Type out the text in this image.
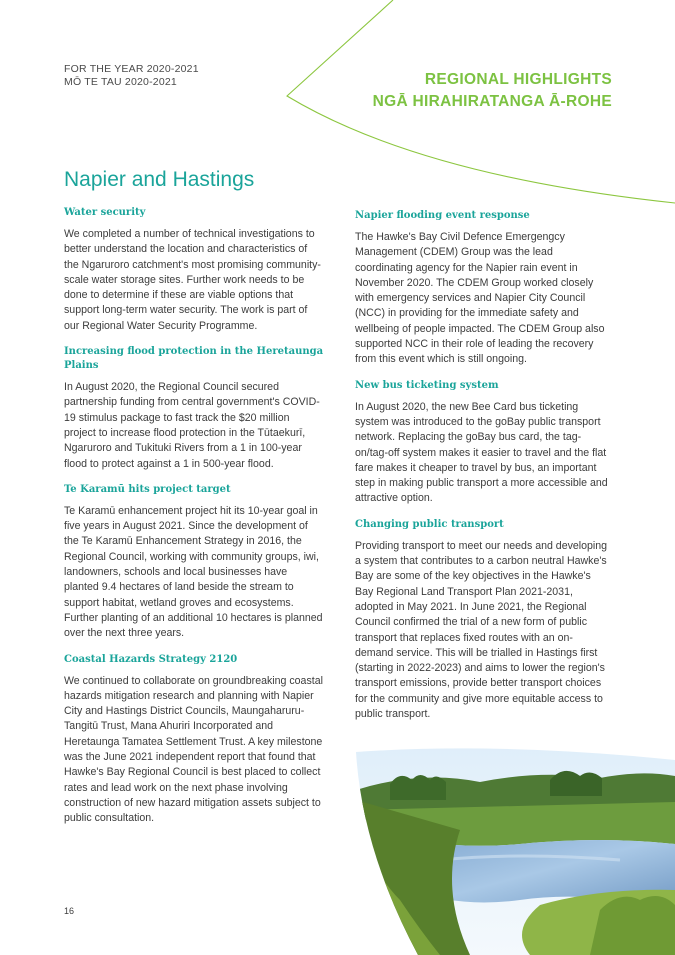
FOR THE YEAR 2020-2021
MŌ TE TAU 2020-2021	REGIONAL HIGHLIGHTS
NGĀ HIRAHIRATANGA Ā-ROHE
Napier and Hastings
Water security

We completed a number of technical investigations to better understand the location and characteristics of the Ngaruroro catchment's most promising community-scale water storage sites. Further work needs to be done to determine if these are viable options that support long-term water security. The work is part of our Regional Water Security Programme.

Increasing flood protection in the Heretaunga Plains

In August 2020, the Regional Council secured partnership funding from central government's COVID-19 stimulus package to fast track the $20 million project to increase flood protection in the Tūtaekurī, Ngaruroro and Tukituki Rivers from a 1 in 100-year flood to protect against a 1 in 500-year flood.

Te Karamū hits project target

Te Karamū enhancement project hit its 10-year goal in five years in August 2021. Since the development of the Te Karamū Enhancement Strategy in 2016, the Regional Council, working with community groups, iwi, landowners, schools and local businesses have planted 9.4 hectares of land beside the stream to support habitat, wetland groves and ecosystems. Further planting of an additional 10 hectares is planned over the next three years.

Coastal Hazards Strategy 2120

We continued to collaborate on groundbreaking coastal hazards mitigation research and planning with Napier City and Hastings District Councils, Maungaharuru-Tangitū Trust, Mana Ahuriri Incorporated and Heretaunga Tamatea Settlement Trust. A key milestone was the June 2021 independent report that found that Hawke's Bay Regional Council is best placed to collect rates and lead work on the next phase involving construction of new hazard mitigation assets subject to public consultation.

Napier flooding event response

The Hawke's Bay Civil Defence Emergengcy Management (CDEM) Group was the lead coordinating agency for the Napier rain event in November 2020. The CDEM Group worked closely with emergency services and Napier City Council (NCC) in providing for the immediate safety and wellbeing of people impacted. The CDEM Group also supported NCC in their role of leading the recovery from this event which is still ongoing.

New bus ticketing system

In August 2020, the new Bee Card bus ticketing system was introduced to the goBay public transport network. Replacing the goBay bus card, the tag-on/tag-off system makes it easier to travel and the flat fare makes it cheaper to travel by bus, an important step in making public transport a more accessible and attractive option.

Changing public transport

Providing transport to meet our needs and developing a system that contributes to a carbon neutral Hawke's Bay are some of the key objectives in the Hawke's Bay Regional Land Transport Plan 2021-2031, adopted in May 2021. In June 2021, the Regional Council confirmed the trial of a new form of public transport that replaces fixed routes with an on-demand service. This will be trialled in Hastings first (starting in 2022-2023) and aims to lower the region's transport emissions, provide better transport choices for the community and give more equitable access to public transport.

16
